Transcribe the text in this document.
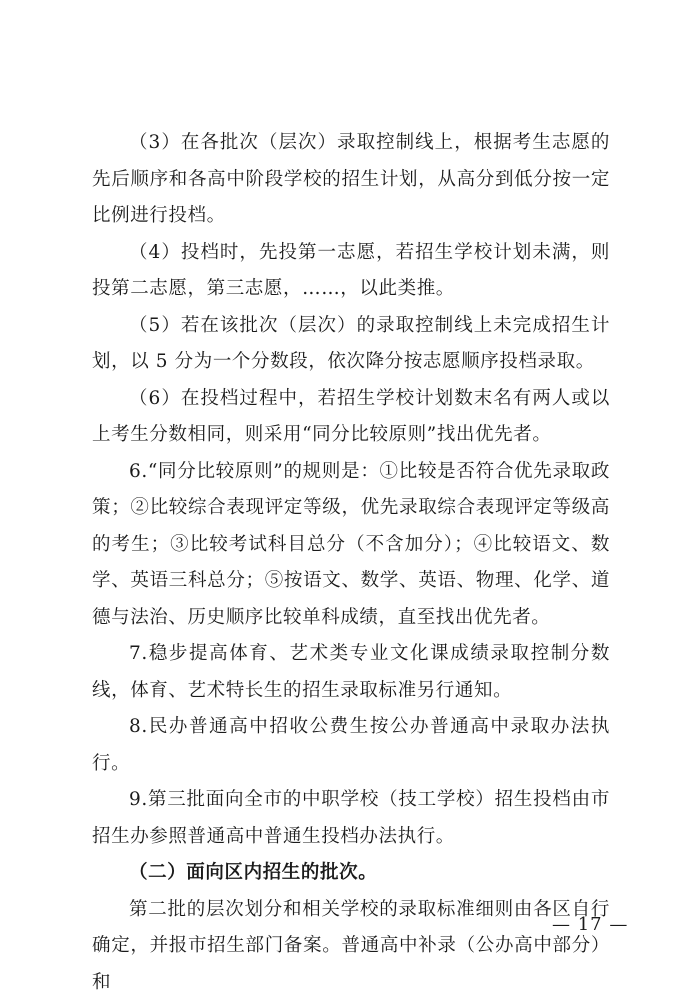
（3）在各批次（层次）录取控制线上，根据考生志愿的先后顺序和各高中阶段学校的招生计划，从高分到低分按一定比例进行投档。

（4）投档时，先投第一志愿，若招生学校计划未满，则投第二志愿，第三志愿，……，以此类推。

（5）若在该批次（层次）的录取控制线上未完成招生计划，以 5 分为一个分数段，依次降分按志愿顺序投档录取。

（6）在投档过程中，若招生学校计划数末名有两人或以上考生分数相同，则采用“同分比较原则”找出优先者。

6.“同分比较原则”的规则是：①比较是否符合优先录取政策；②比较综合表现评定等级，优先录取综合表现评定等级高的考生；③比较考试科目总分（不含加分）；④比较语文、数学、英语三科总分；⑤按语文、数学、英语、物理、化学、道德与法治、历史顺序比较单科成绩，直至找出优先者。

7.稳步提高体育、艺术类专业文化课成绩录取控制分数线，体育、艺术特长生的招生录取标准另行通知。

8.民办普通高中招收公费生按公办普通高中录取办法执行。

9.第三批面向全市的中职学校（技工学校）招生投档由市招生办参照普通高中普通生投档办法执行。

（二）面向区内招生的批次。

第二批的层次划分和相关学校的录取标准细则由各区自行确定，并报市招生部门备案。普通高中补录（公办高中部分）和

— 17 —
